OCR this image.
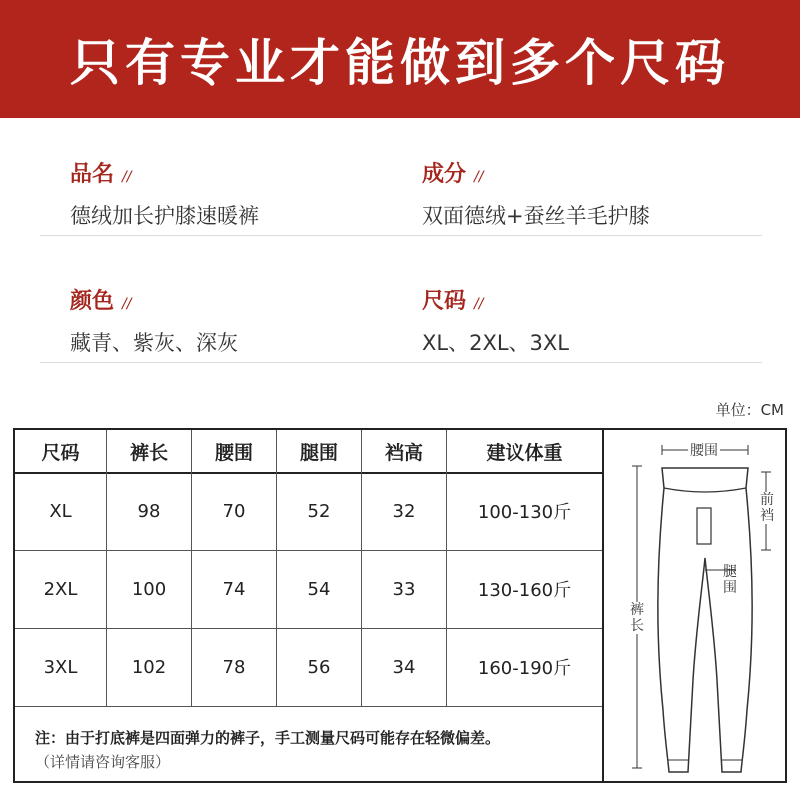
只有专业才能做到多个尺码
品名 //
德绒加长护膝速暖裤
成分 //
双面德绒+蚕丝羊毛护膝
颜色 //
藏青、紫灰、深灰
尺码 //
XL、2XL、3XL
单位：CM
尺码	裤长	腰围	腿围	裆高	建议体重
XL	98	70	52	32	100-130斤
2XL	100	74	54	33	130-160斤
3XL	102	78	56	34	160-190斤
注：由于打底裤是四面弹力的裤子，手工测量尺码可能存在轻微偏差。
（详情请咨询客服）
腰围
前裆
腿围
裤长
